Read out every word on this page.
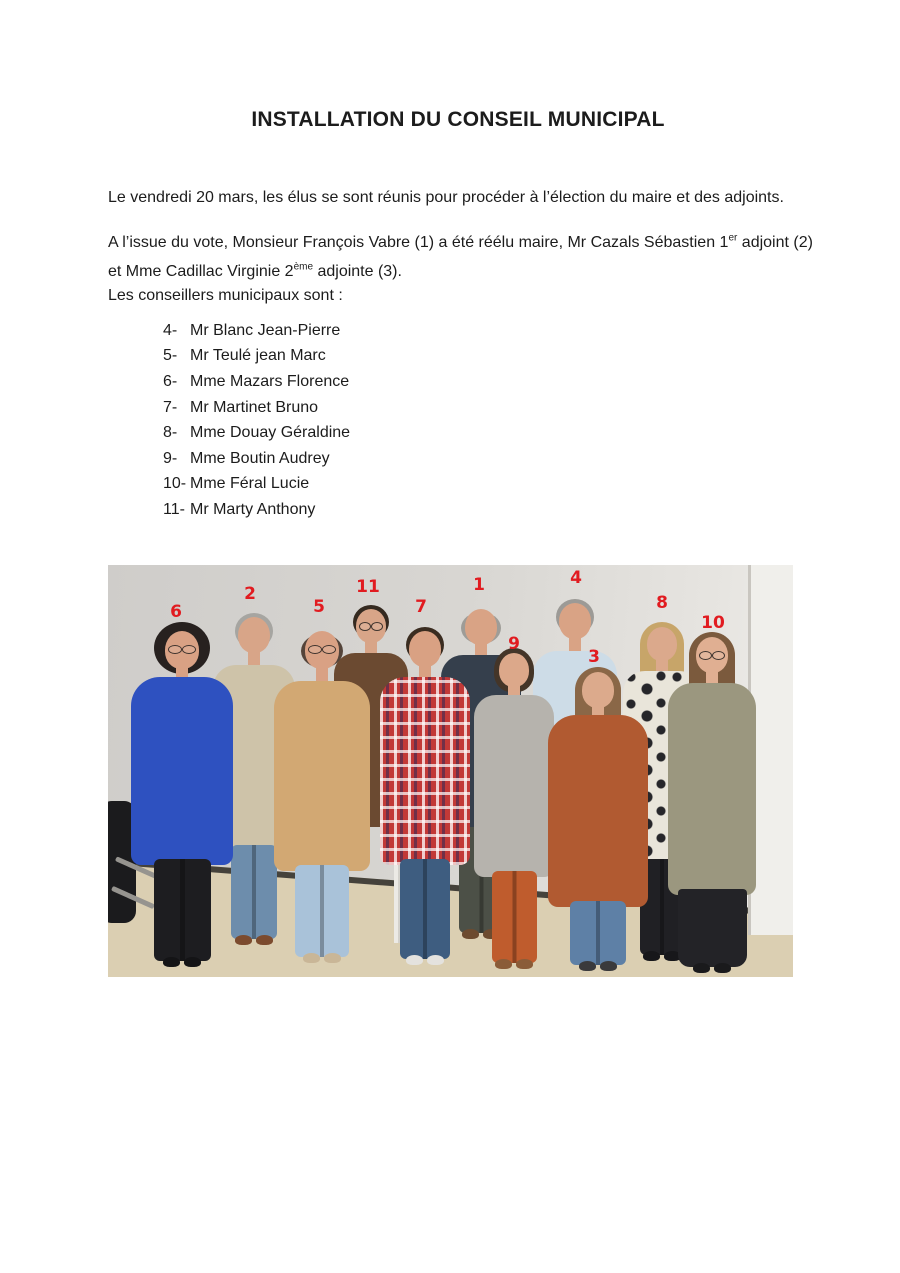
INSTALLATION DU CONSEIL MUNICIPAL
Le vendredi 20 mars, les élus se sont réunis pour procéder à l’élection du maire et des adjoints.
A l’issue du vote, Monsieur François Vabre (1) a été réélu maire, Mr Cazals Sébastien 1er adjoint (2)
et Mme Cadillac Virginie 2ème adjointe (3).
Les conseillers municipaux sont :
4- Mr Blanc Jean-Pierre
5- Mr Teulé jean Marc
6- Mme Mazars Florence
7- Mr Martinet Bruno
8- Mme Douay Géraldine
9- Mme Boutin Audrey
10- Mme Féral Lucie
11- Mr Marty Anthony
6
2
5
11
7
1
9
4
3
8
10
